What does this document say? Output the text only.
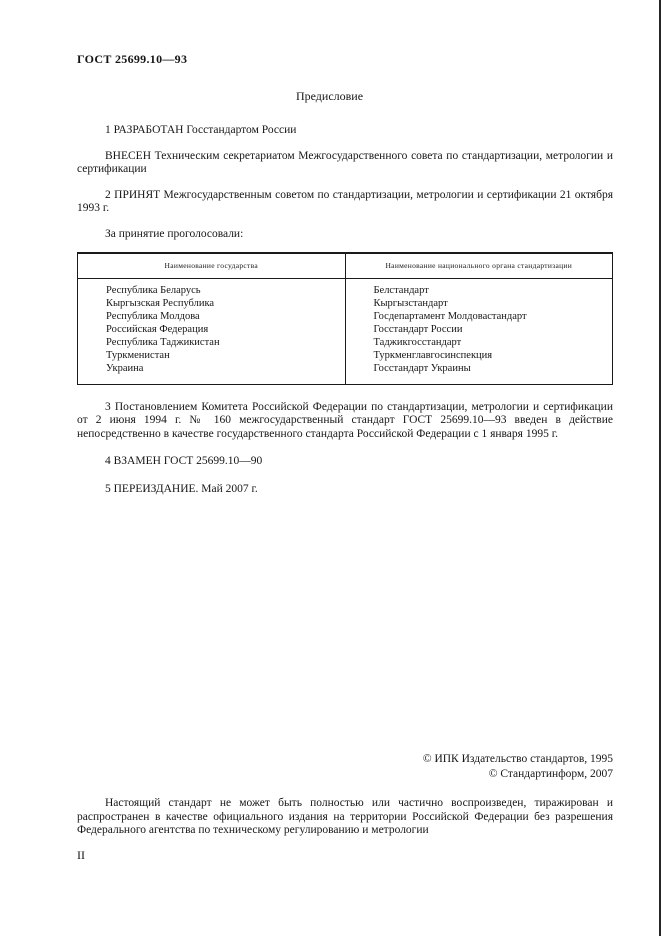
ГОСТ 25699.10—93
Предисловие

1 РАЗРАБОТАН Госстандартом России

ВНЕСЕН Техническим секретариатом Межгосударственного совета по стандартизации, метрологии и сертификации

2 ПРИНЯТ Межгосударственным советом по стандартизации, метрологии и сертификации 21 октября 1993 г.

За принятие проголосовали:

Наименование государства	Наименование национального органа стандартизации
Республика Беларусь	Белстандарт
Кыргызская Республика	Кыргызстандарт
Республика Молдова	Госдепартамент Молдовастандарт
Российская Федерация	Госстандарт России
Республика Таджикистан	Таджикгосстандарт
Туркменистан	Туркменглавгосинспекция
Украина	Госстандарт Украины

3 Постановлением Комитета Российской Федерации по стандартизации, метрологии и сертификации от 2 июня 1994 г. № 160 межгосударственный стандарт ГОСТ 25699.10—93 введен в действие непосредственно в качестве государственного стандарта Российской Федерации с 1 января 1995 г.

4 ВЗАМЕН ГОСТ 25699.10—90

5 ПЕРЕИЗДАНИЕ. Май 2007 г.

© ИПК Издательство стандартов, 1995
© Стандартинформ, 2007

Настоящий стандарт не может быть полностью или частично воспроизведен, тиражирован и распространен в качестве официального издания на территории Российской Федерации без разрешения Федерального агентства по техническому регулированию и метрологии

II
